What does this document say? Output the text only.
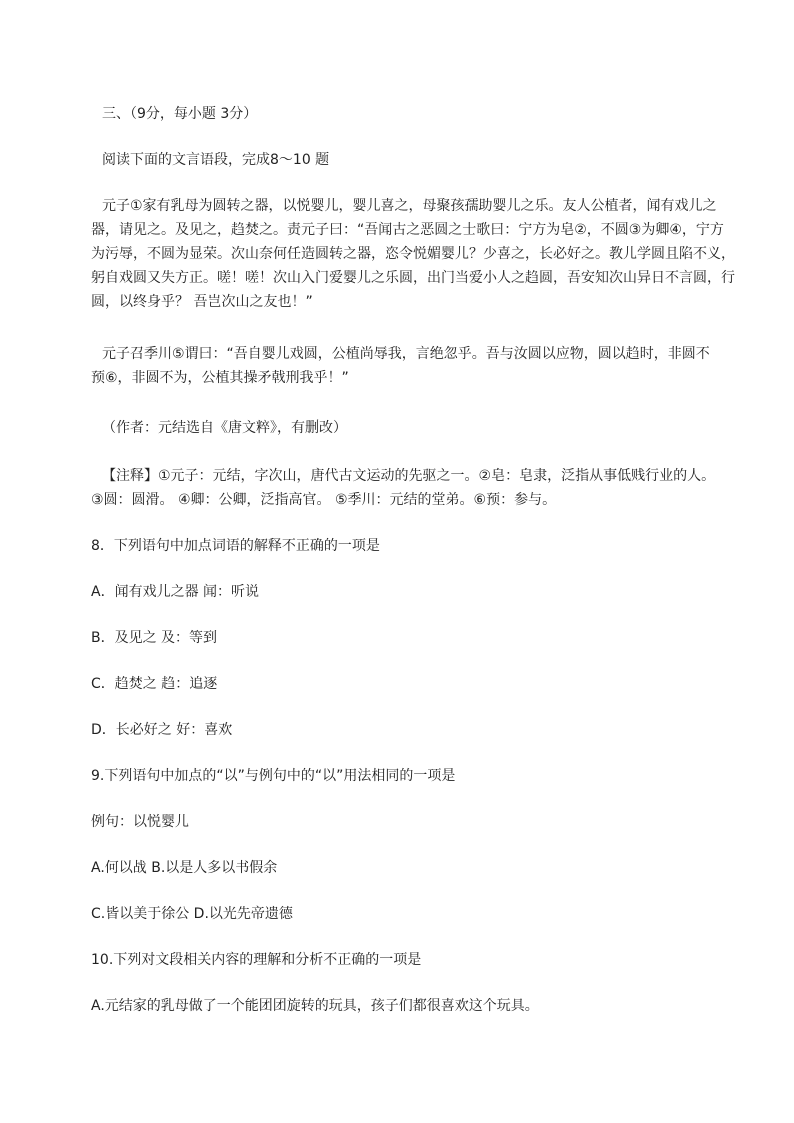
三、（9分，每小题 3分）
阅读下面的文言语段，完成8～10 题
元子①家有乳母为圆转之器，以悦婴儿，婴儿喜之，母聚孩孺助婴儿之乐。友人公植者，闻有戏儿之
器，请见之。及见之，趋焚之。责元子曰：“吾闻古之恶圆之士歌曰：宁方为皂②，不圆③为卿④，宁方
为污辱，不圆为显荣。次山奈何任造圆转之器，恣令悦媚婴儿？少喜之，长必好之。教儿学圆且陷不义，
躬自戏圆又失方正。嗟！嗟！次山入门爱婴儿之乐圆，出门当爱小人之趋圆，吾安知次山异日不言圆，行
圆，以终身乎？ 吾岂次山之友也！”
元子召季川⑤谓曰：“吾自婴儿戏圆，公植尚辱我，言绝忽乎。吾与汝圆以应物，圆以趋时，非圆不
预⑥，非圆不为，公植其操矛戟刑我乎！”
（作者：元结选自《唐文粹》，有删改）
【注释】①元子：元结，字次山，唐代古文运动的先驱之一。②皂：皂隶，泛指从事低贱行业的人。
③圆：圆滑。 ④卿：公卿，泛指高官。 ⑤季川：元结的堂弟。⑥预：参与。
8．下列语句中加点词语的解释不正确的一项是
A．闻有戏儿之器 闻：听说
B．及见之 及：等到
C．趋焚之 趋：追逐
D．长必好之 好：喜欢
9.下列语句中加点的“以”与例句中的“以”用法相同的一项是
例句：以悦婴儿
A.何以战 B.以是人多以书假余
C.皆以美于徐公 D.以光先帝遗德
10.下列对文段相关内容的理解和分析不正确的一项是
A.元结家的乳母做了一个能团团旋转的玩具，孩子们都很喜欢这个玩具。
